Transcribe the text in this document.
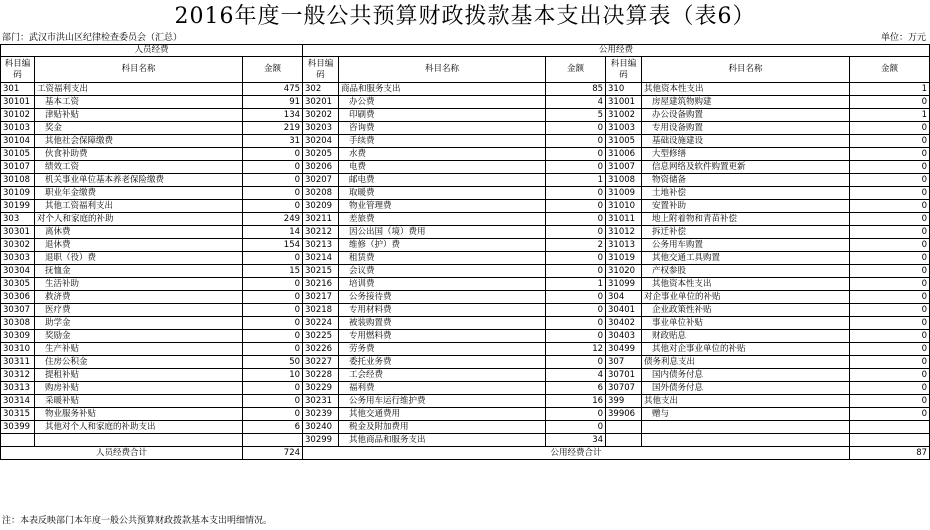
2016年度一般公共预算财政拨款基本支出决算表（表6）
部门：武汉市洪山区纪律检查委员会（汇总）	单位：万元
人员经费			公用经费					
科目编码	科目名称	金额	科目编码	科目名称	金额	科目编码	科目名称	金额
301	工资福利支出	475	302	商品和服务支出	85	310	其他资本性支出	1
30101	基本工资	91	30201	办公费	4	31001	房屋建筑物购建	0
30102	津贴补贴	134	30202	印刷费	5	31002	办公设备购置	1
30103	奖金	219	30203	咨询费	0	31003	专用设备购置	0
30104	其他社会保障缴费	31	30204	手续费	0	31005	基础设施建设	0
30105	伙食补助费	0	30205	水费	0	31006	大型修缮	0
30107	绩效工资	0	30206	电费	0	31007	信息网络及软件购置更新	0
30108	机关事业单位基本养老保险缴费	0	30207	邮电费	1	31008	物资储备	0
30109	职业年金缴费	0	30208	取暖费	0	31009	土地补偿	0
30199	其他工资福利支出	0	30209	物业管理费	0	31010	安置补助	0
303	对个人和家庭的补助	249	30211	差旅费	0	31011	地上附着物和青苗补偿	0
30301	离休费	14	30212	因公出国（境）费用	0	31012	拆迁补偿	0
30302	退休费	154	30213	维修（护）费	2	31013	公务用车购置	0
30303	退职（役）费	0	30214	租赁费	0	31019	其他交通工具购置	0
30304	抚恤金	15	30215	会议费	0	31020	产权参股	0
30305	生活补助	0	30216	培训费	1	31099	其他资本性支出	0
30306	救济费	0	30217	公务接待费	0	304	对企事业单位的补贴	0
30307	医疗费	0	30218	专用材料费	0	30401	企业政策性补贴	0
30308	助学金	0	30224	被装购置费	0	30402	事业单位补贴	0
30309	奖励金	0	30225	专用燃料费	0	30403	财政贴息	0
30310	生产补贴	0	30226	劳务费	12	30499	其他对企事业单位的补贴	0
30311	住房公积金	50	30227	委托业务费	0	307	债务利息支出	0
30312	提租补贴	10	30228	工会经费	4	30701	国内债务付息	0
30313	购房补贴	0	30229	福利费	6	30707	国外债务付息	0
30314	采暖补贴	0	30231	公务用车运行维护费	16	399	其他支出	0
30315	物业服务补贴	0	30239	其他交通费用	0	39906	赠与	0
30399	其他对个人和家庭的补助支出	6	30240	税金及附加费用	0			
			30299	其他商品和服务支出	34			
人员经费合计		724	公用经费合计					87
注：本表反映部门本年度一般公共预算财政拨款基本支出明细情况。
